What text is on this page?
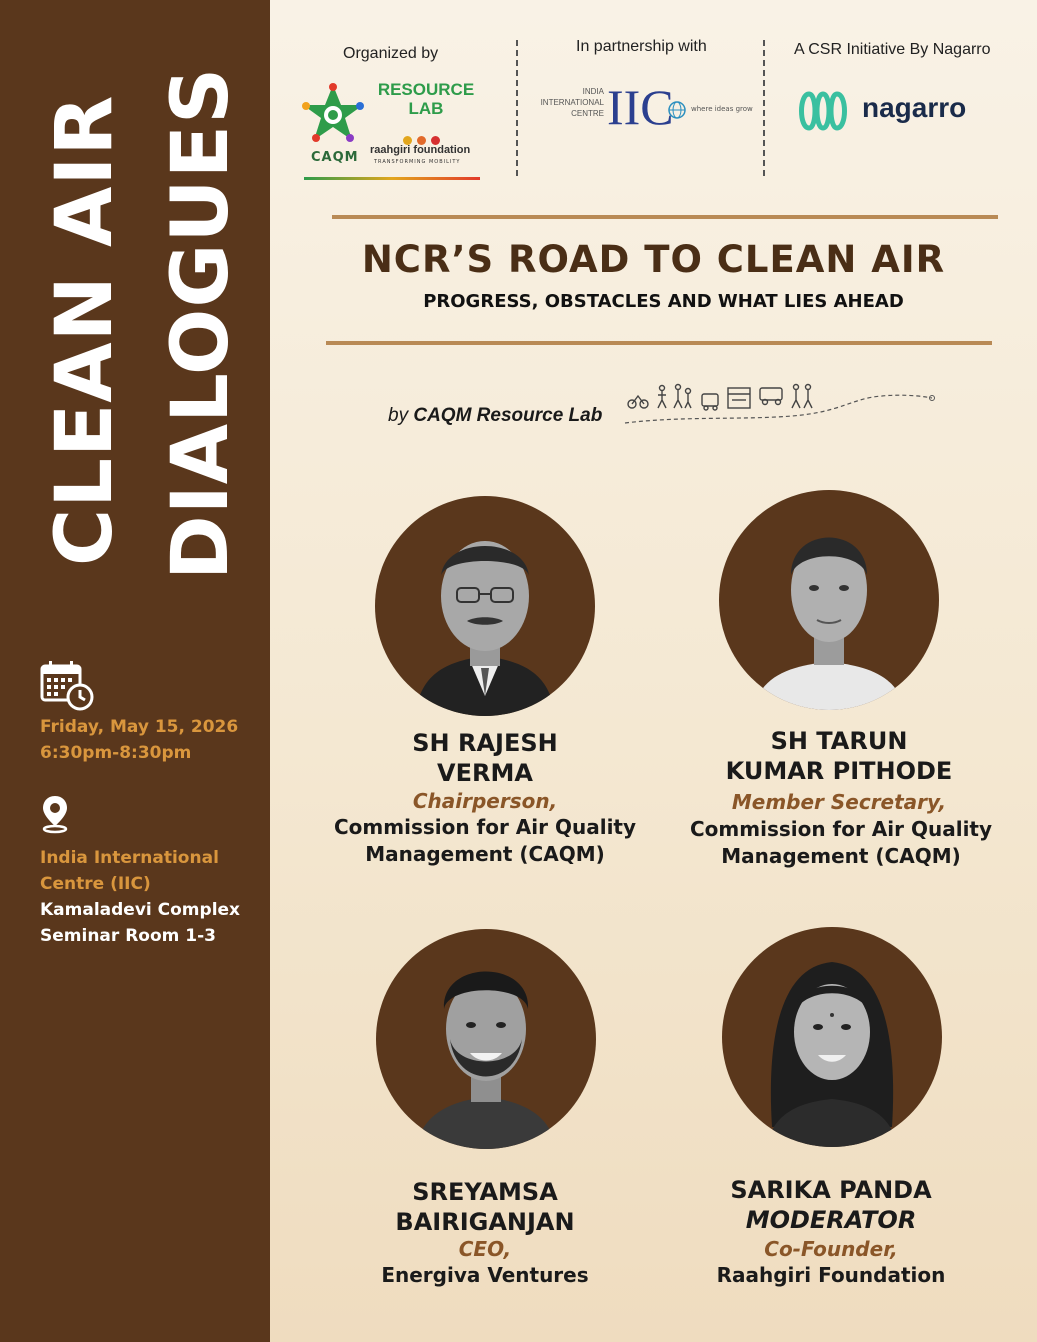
CLEAN AIR DIALOGUES
Friday, May 15, 2026
6:30pm-8:30pm
India International
Centre (IIC)
Kamaladevi Complex
Seminar Room 1-3
Organized by
RESOURCE
LAB
CAQM
raahgiri foundation
TRANSFORMING MOBILITY
In partnership with
INDIA
INTERNATIONAL
CENTRE IIC where ideas grow
A CSR Initiative By Nagarro
nagarro
NCR’S ROAD TO CLEAN AIR
PROGRESS, OBSTACLES AND WHAT LIES AHEAD
by CAQM Resource Lab
SH RAJESH
VERMA
Chairperson,
Commission for Air Quality
Management (CAQM)
SH TARUN
KUMAR PITHODE
Member Secretary,
Commission for Air Quality
Management (CAQM)
SREYAMSA
BAIRIGANJAN
CEO,
Energiva Ventures
SARIKA PANDA
MODERATOR
Co-Founder,
Raahgiri Foundation
